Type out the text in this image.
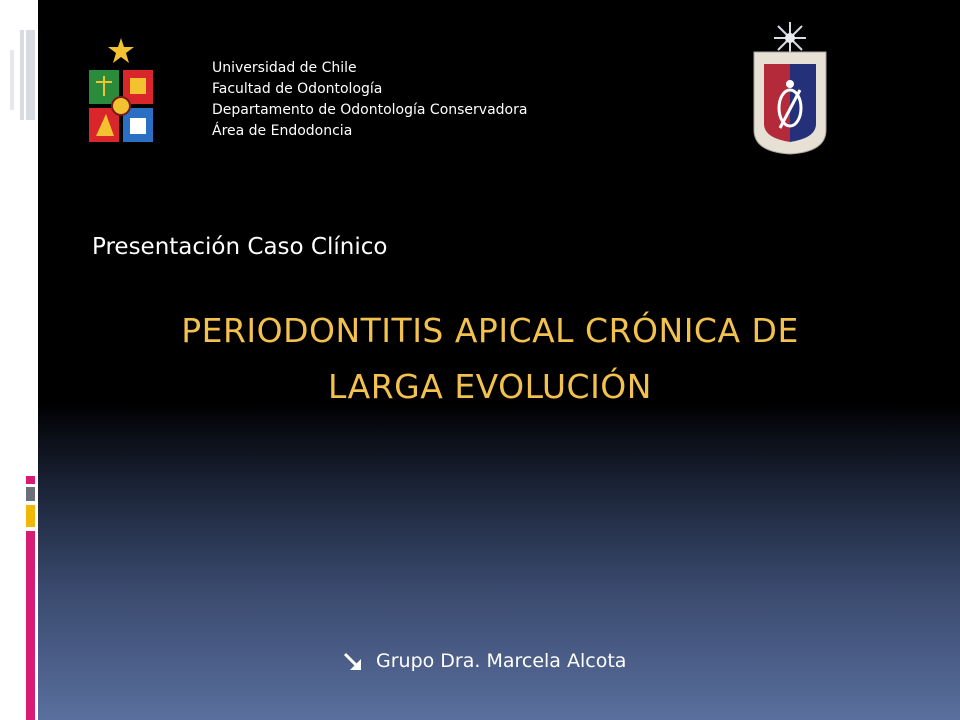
Universidad de Chile
Facultad de Odontología
Departamento de Odontología Conservadora
Área de Endodoncia
Presentación Caso Clínico
PERIODONTITIS APICAL CRÓNICA DE
LARGA EVOLUCIÓN
Grupo Dra. Marcela Alcota
